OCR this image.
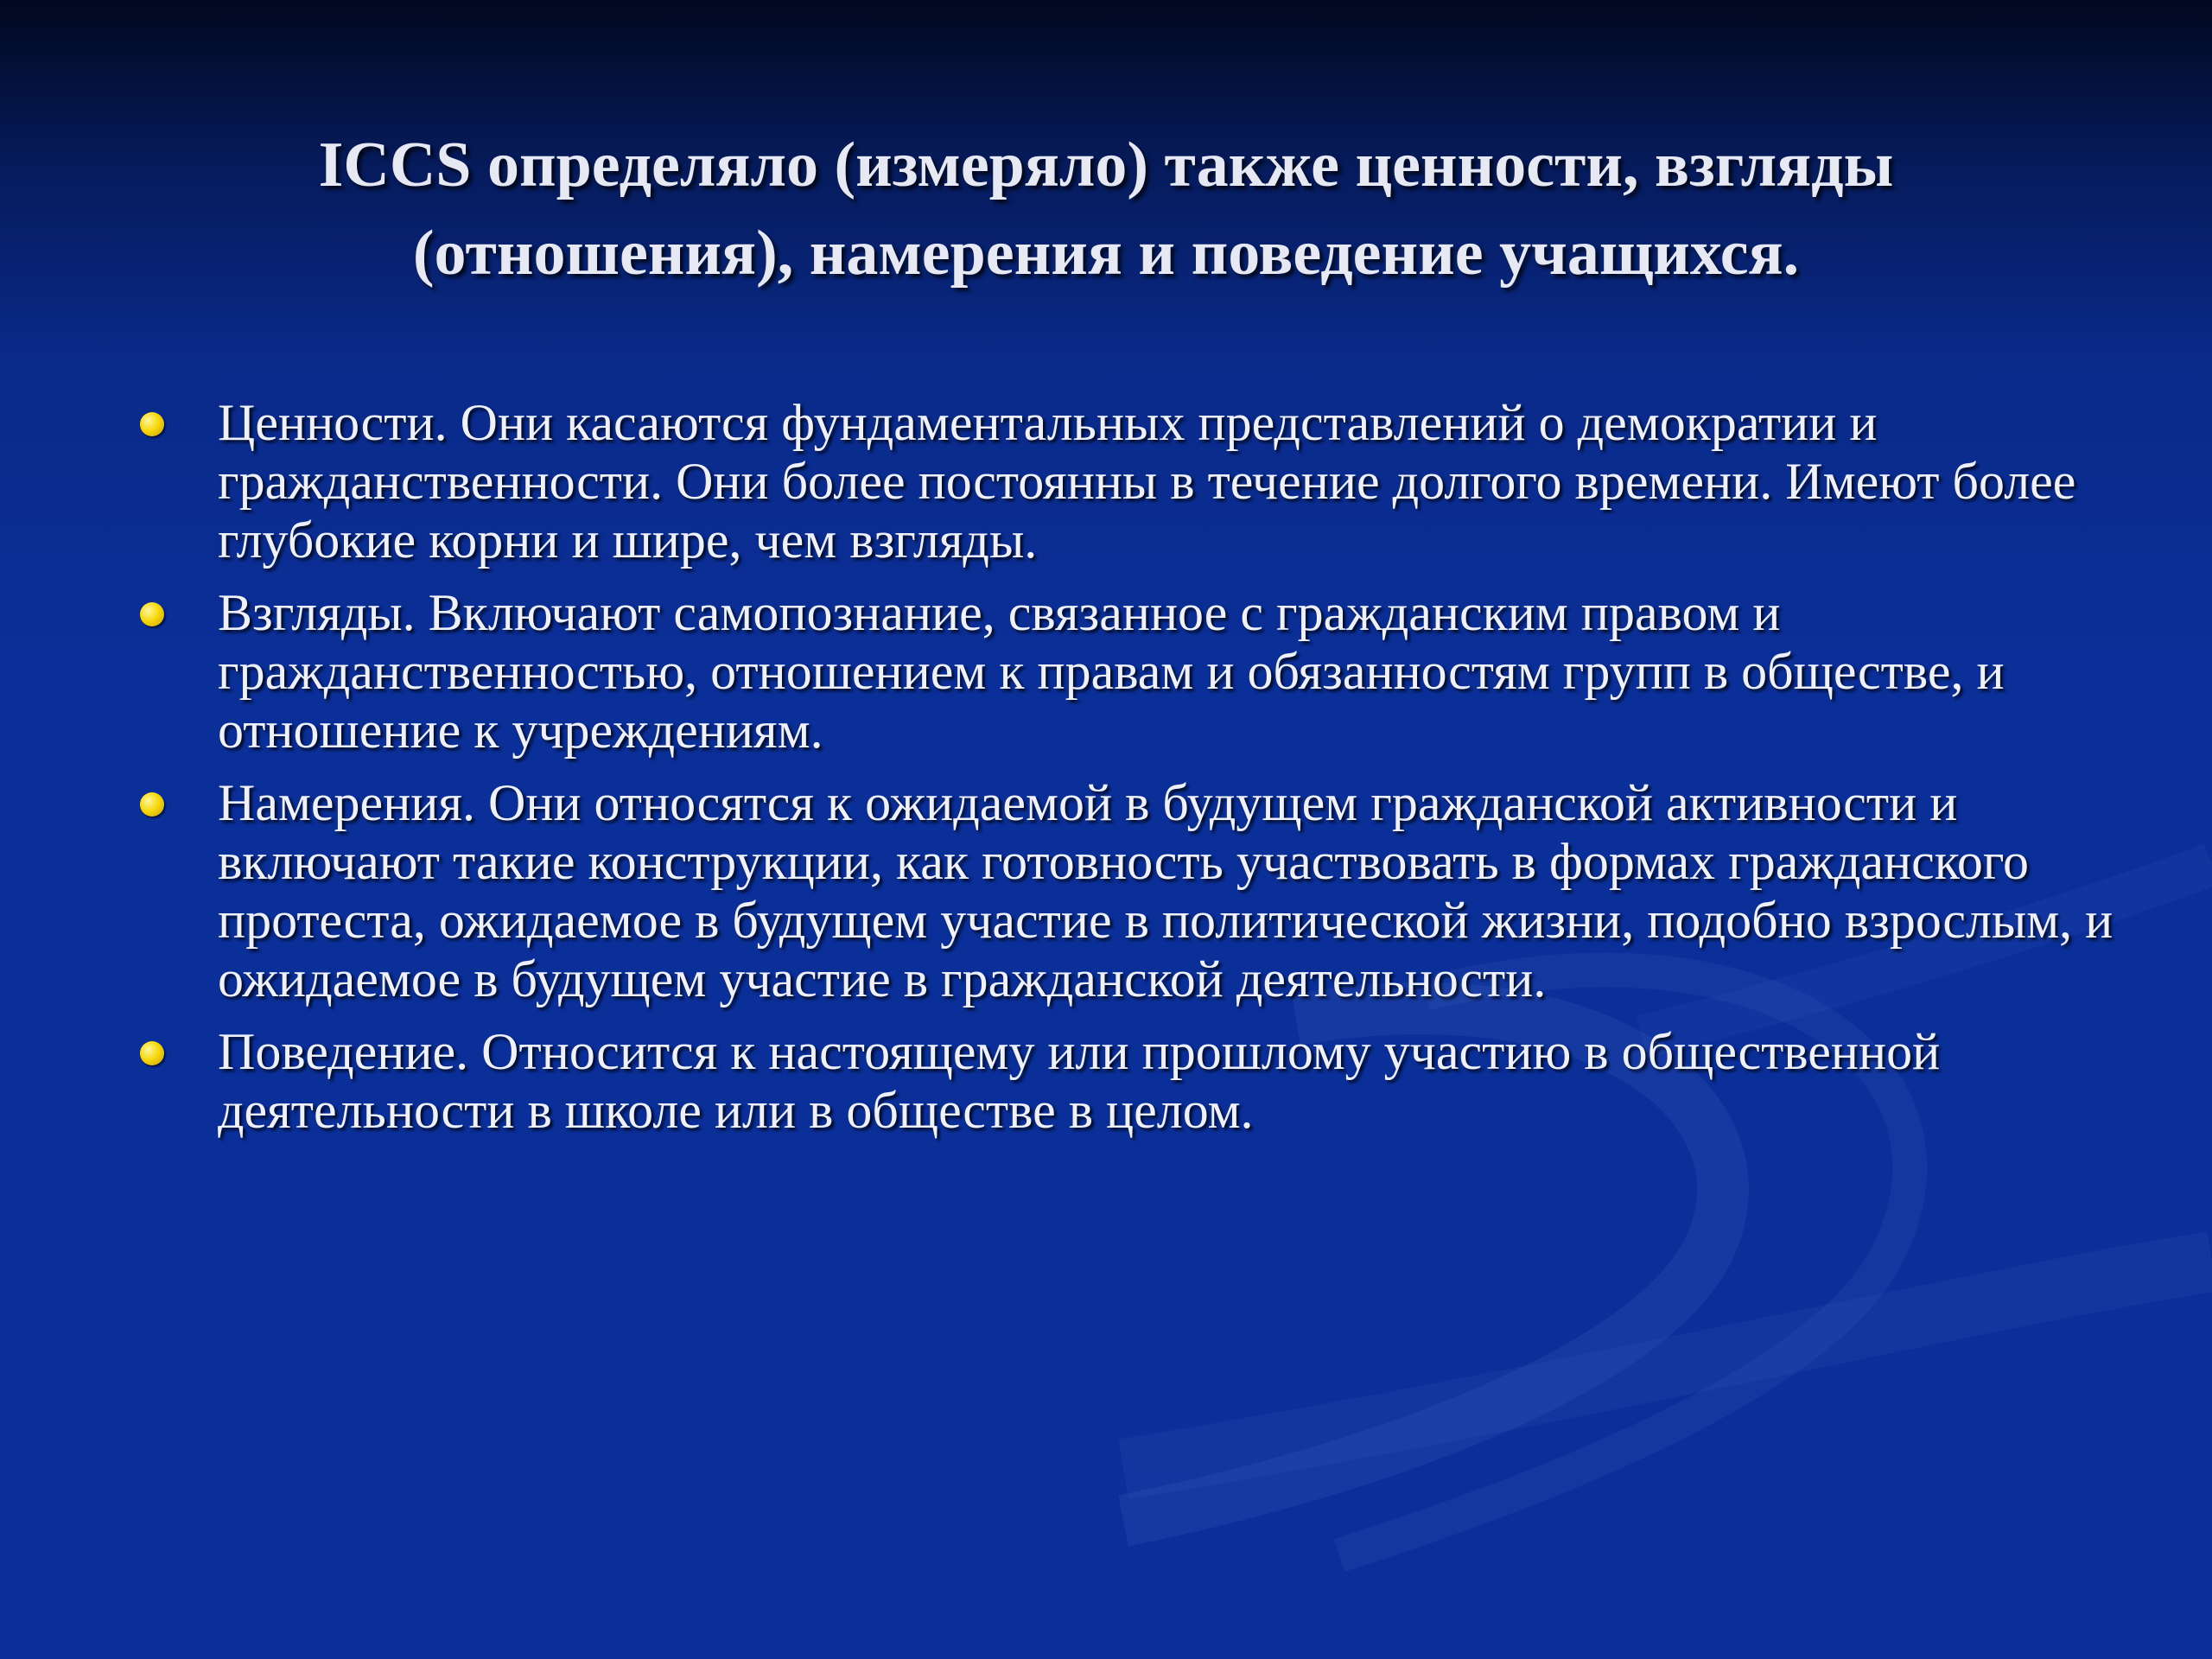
ICCS определяло (измеряло) также ценности, взгляды (отношения), намерения и поведение учащихся.
Ценности. Они касаются фундаментальных представлений о демократии и гражданственности. Они более постоянны в течение долгого времени. Имеют более глубокие корни и шире, чем взгляды.
Взгляды. Включают самопознание, связанное с гражданским правом и гражданственностью, отношением к правам и обязанностям групп в обществе, и отношение к учреждениям.
Намерения. Они относятся к ожидаемой в будущем гражданской активности и включают такие конструкции, как готовность участвовать в формах гражданского протеста, ожидаемое в будущем участие в политической жизни, подобно взрослым, и ожидаемое в будущем участие в гражданской деятельности.
Поведение. Относится к настоящему или прошлому участию в общественной деятельности в школе или в обществе в целом.
